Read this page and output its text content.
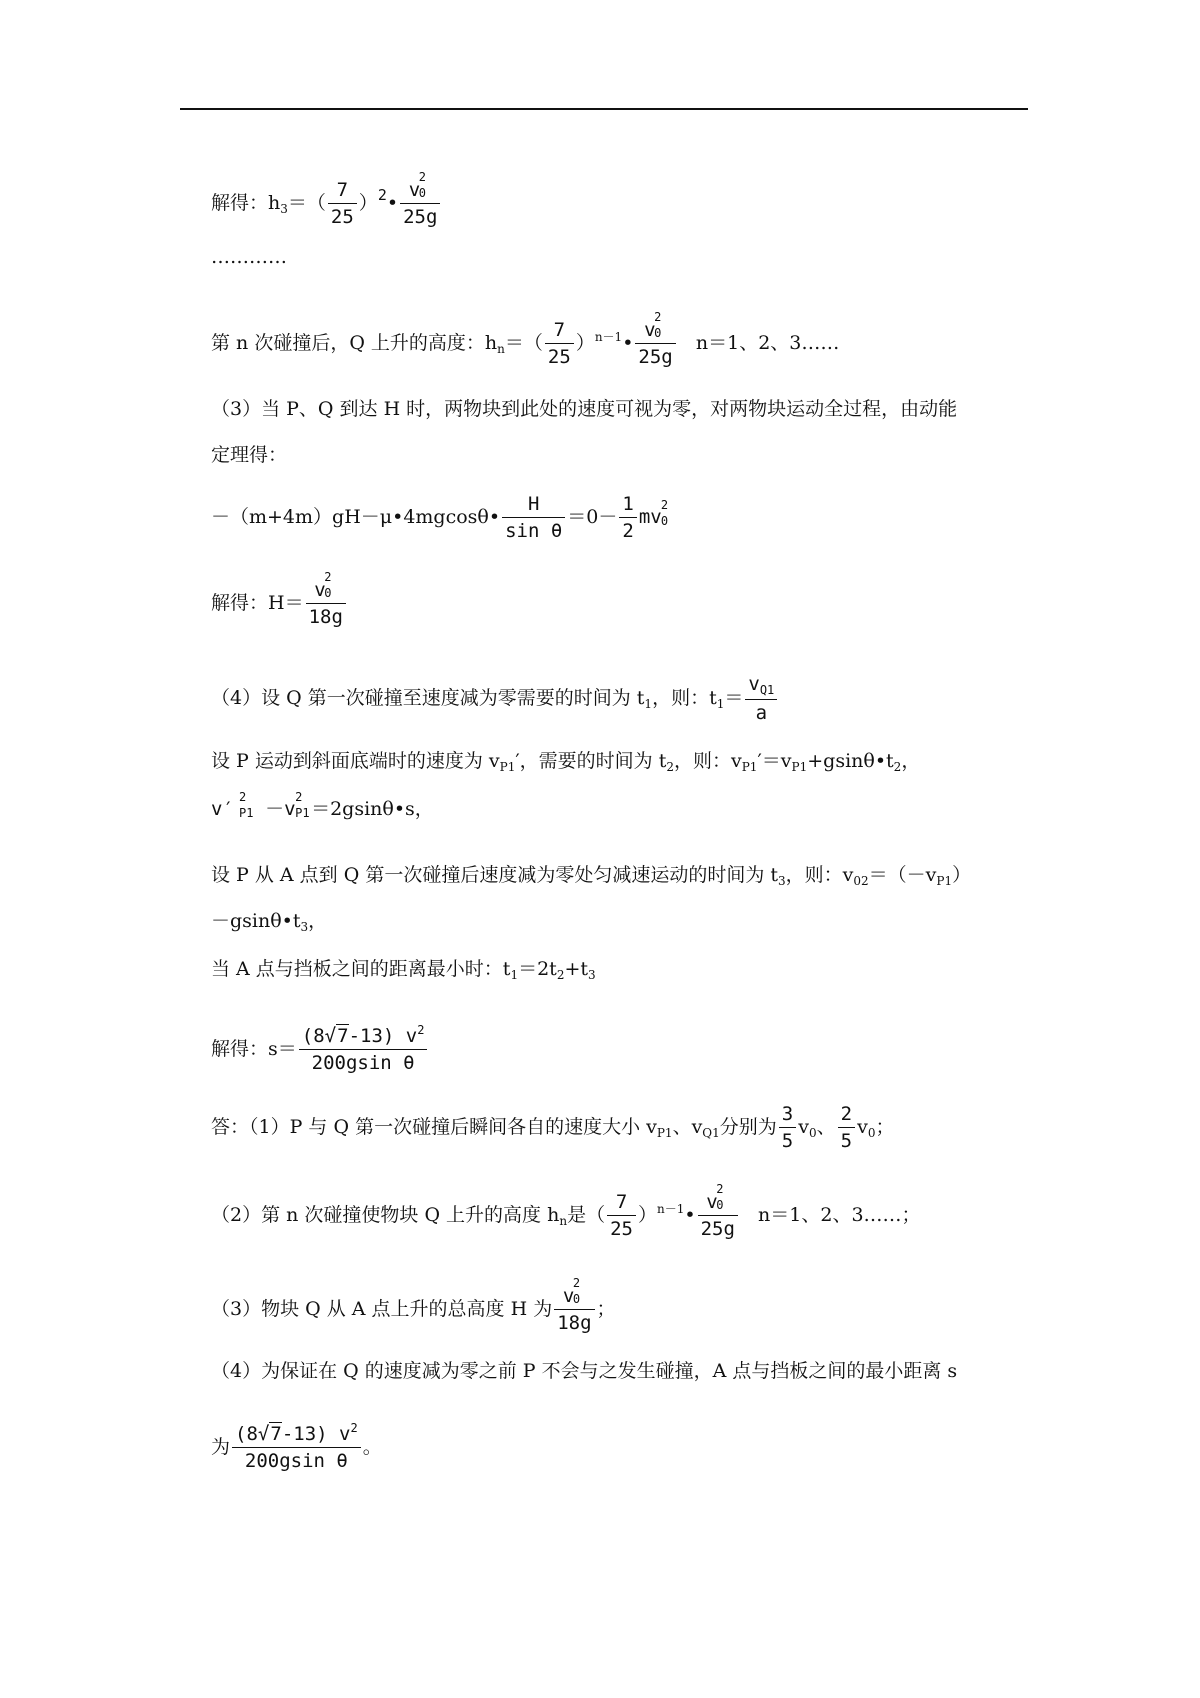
解得：$h_3=( \frac{7}{25}$ ）$^2•$ v
2
0

25g
…………
第 n 次碰撞后，Q 上升的高度：$h_n=( \frac{7}{25}$ ）$^{n-1}•$ v
2
0

25g n＝1、2、3……
（3）当 P、Q 到达 H 时，两物块到此处的速度可视为零，对两物块运动全过程，由动能
定理得：
－（m+4m）gH－μ•4mgcosθ• $\frac{H}{\text{sin θ}} =0- \frac{1}{2}$ mv
2
0
解得：H＝ v
2
0

18g
（4）设 Q 第一次碰撞至速度减为零需要的时间为 $t_1$，则：$t_1= \frac{v_{Q1}}{a}$
设 P 运动到斜面底端时的速度为 $v_{P1}'$，需要的时间为 $t_2$，则：$v_{P1}'=v_{P1}+gsin\theta•t_2$，
v′
2
P1 －v
2
P1 ＝2gsinθ•s，
设 P 从 A 点到 Q 第一次碰撞后速度减为零处匀减速运动的时间为 $t_3$，则：$v_{02}=(-v_{P1})$
$-gsin\theta•t_3$，
当 A 点与挡板之间的距离最小时：$t_1=2t_2+t_3$
解得：$s= \frac{(8√7-13) v^2}{\text{200gsin θ}}$
答：（1）P 与 Q 第一次碰撞后瞬间各自的速度大小 $v_{P1}$、$v_{Q1}$分别为 $\frac{3}{5} v_0$、 $\frac{2}{5} v_0$；
（2）第 n 次碰撞使物块 Q 上升的高度 $h_n$是（ $\frac{7}{25}$ ）$^{n-1}$• v
2
0

25g n＝1、2、3……；
（3）物块 Q 从 A 点上升的总高度 H 为 v
2
0

18g ；
（4）为保证在 Q 的速度减为零之前 P 不会与之发生碰撞，A 点与挡板之间的最小距离 s
为 $\frac{(8√7-13) v^2}{\text{200gsin θ}}$ 。
